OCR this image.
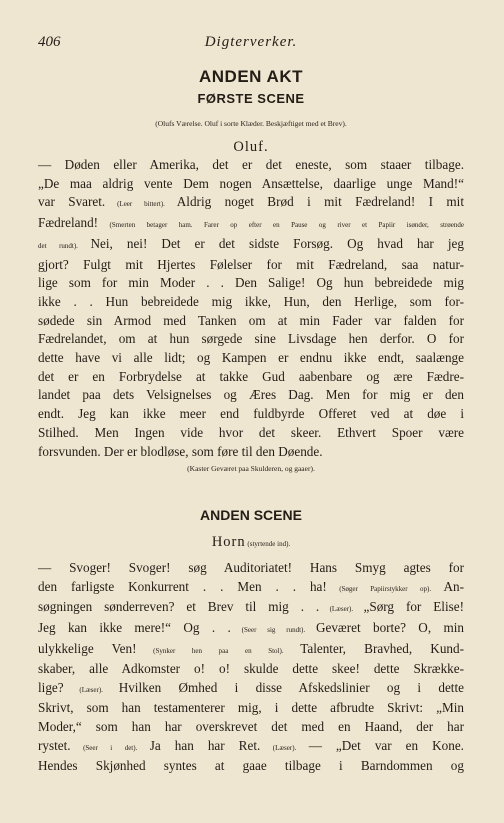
406	Digterverker.
ANDEN AKT
FØRSTE SCENE

(Olufs Værelse. Oluf i sorte Klæder. Beskjæftiget med et Brev).

Oluf.

— Døden eller Amerika, det er det eneste, som staaer tilbage.
„De maa aldrig vente Dem nogen Ansættelse, daarlige unge Mand!“
var Svaret. (Leer bittert). Aldrig noget Brød i mit Fædreland! I mit
Fædreland! (Smerten betager ham. Farer op efter en Pause og river et Papiir isønder, strøende
det rundt). Nei, nei! Det er det sidste Forsøg. Og hvad har jeg
gjort? Fulgt mit Hjertes Følelser for mit Fædreland, saa natur-
lige som for min Moder . . Den Salige! Og hun bebreidede mig
ikke . . Hun bebreidede mig ikke, Hun, den Herlige, som for-
sødede sin Armod med Tanken om at min Fader var falden for
Fædrelandet, om at hun sørgede sine Livsdage hen derfor. O for
dette have vi alle lidt; og Kampen er endnu ikke endt, saalænge
det er en Forbrydelse at takke Gud aabenbare og ære Fædre-
landet paa dets Velsignelses og Æres Dag. Men for mig er den
endt. Jeg kan ikke meer end fuldbyrde Offeret ved at døe i
Stilhed. Men Ingen vide hvor det skeer. Ethvert Spoer være
forsvunden. Der er blodløse, som føre til den Døende.

(Kaster Geværet paa Skulderen, og gaaer).

ANDEN SCENE

Horn (styrtende ind).

— Svoger! Svoger! søg Auditoriatet! Hans Smyg agtes for
den farligste Konkurrent . . Men . . ha! (Søger Papiirstykker op). An-
søgningen sønderreven? et Brev til mig . . (Læser). „Sørg for Elise!
Jeg kan ikke mere!“ Og . . (Seer sig rundt). Geværet borte? O, min
ulykkelige Ven! (Synker hen paa en Stol). Talenter, Bravhed, Kund-
skaber, alle Adkomster o! o! skulde dette skee! dette Skrække-
lige? (Læser). Hvilken Ømhed i disse Afskedslinier og i dette
Skrivt, som han testamenterer mig, i dette afbrudte Skrivt: „Min
Moder,“ som han har overskrevet det med en Haand, der har
rystet. (Seer i det). Ja han har Ret. (Læser). — „Det var en Kone.
Hendes Skjønhed syntes at gaae tilbage i Barndommen og
